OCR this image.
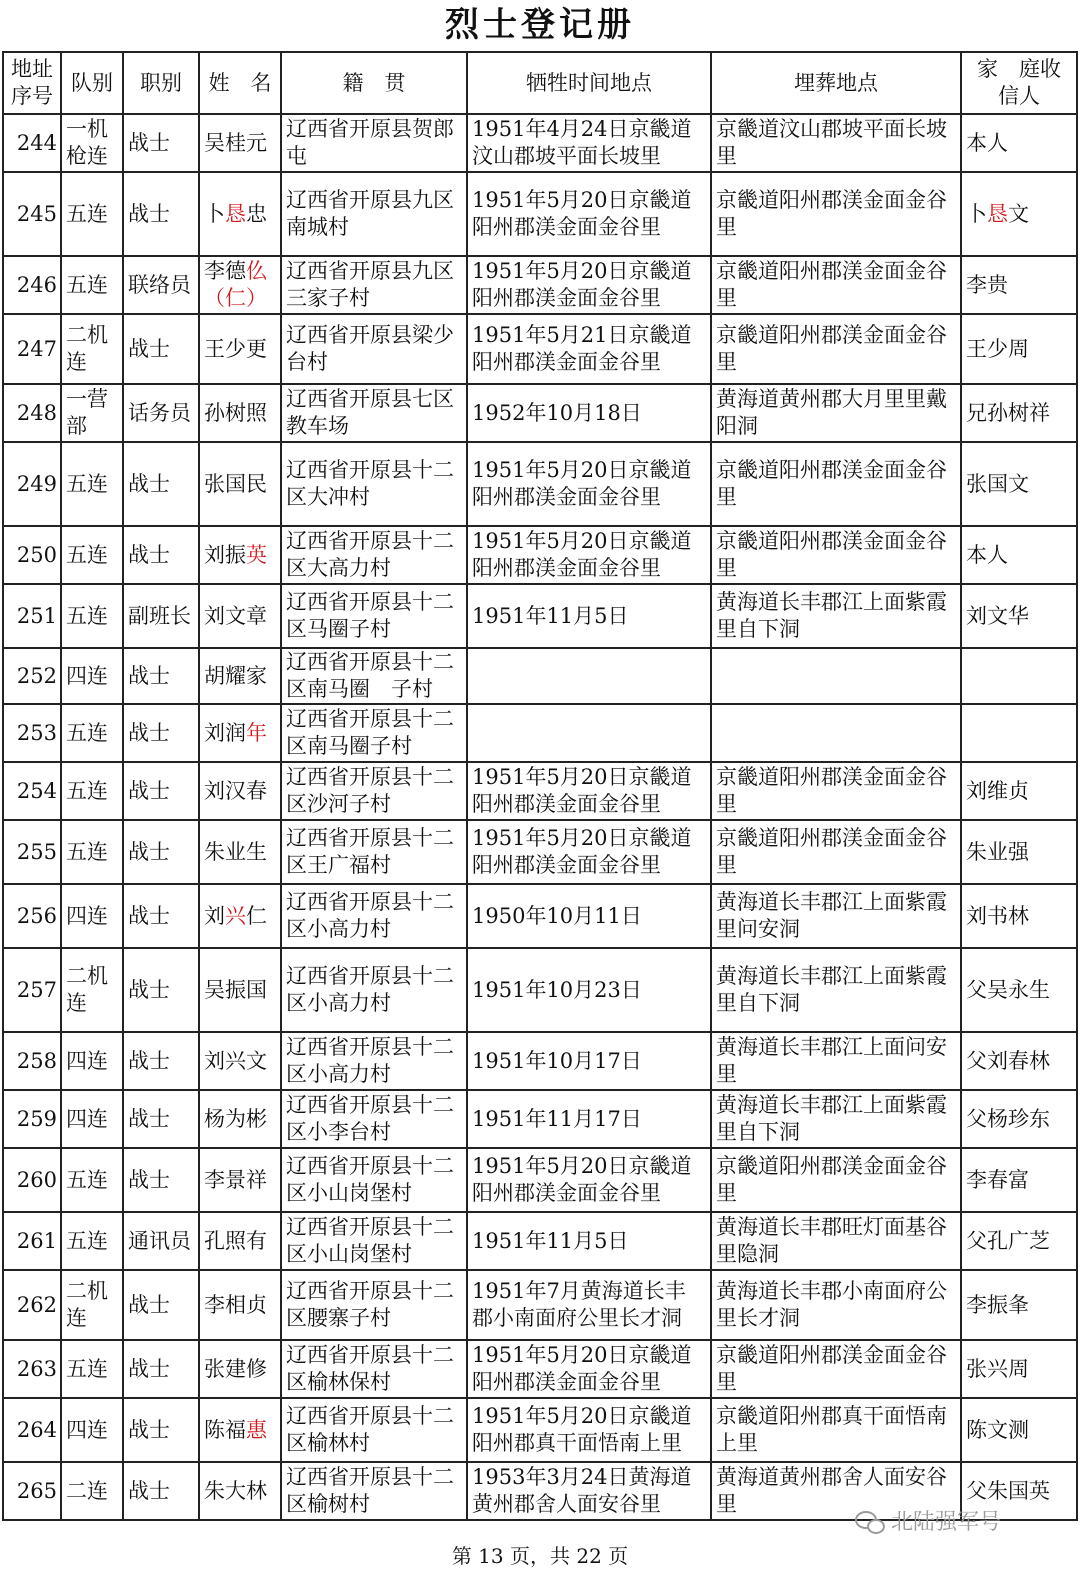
烈士登记册
地址序号	队别	职别	姓　名	籍　贯	牺牲时间地点	埋葬地点	家　庭收信人
244	一机枪连	战士	吴桂元	辽西省开原县贺郎屯	1951年4月24日京畿道汶山郡坡平面长坡里	京畿道汶山郡坡平面长坡里	本人
245	五连	战士	卜恳忠	辽西省开原县九区南城村	1951年5月20日京畿道阳州郡渼金面金谷里	京畿道阳州郡渼金面金谷里	卜恳文
246	五连	联络员	李德仫（仁）	辽西省开原县九区三家子村	1951年5月20日京畿道阳州郡渼金面金谷里	京畿道阳州郡渼金面金谷里	李贵
247	二机连	战士	王少更	辽西省开原县梁少台村	1951年5月21日京畿道阳州郡渼金面金谷里	京畿道阳州郡渼金面金谷里	王少周
248	一营部	话务员	孙树照	辽西省开原县七区教车场	1952年10月18日	黄海道黄州郡大月里里戴阳洞	兄孙树祥
249	五连	战士	张国民	辽西省开原县十二区大冲村	1951年5月20日京畿道阳州郡渼金面金谷里	京畿道阳州郡渼金面金谷里	张国文
250	五连	战士	刘振英	辽西省开原县十二区大高力村	1951年5月20日京畿道阳州郡渼金面金谷里	京畿道阳州郡渼金面金谷里	本人
251	五连	副班长	刘文章	辽西省开原县十二区马圈子村	1951年11月5日	黄海道长丰郡江上面紫霞里自下洞	刘文华
252	四连	战士	胡耀家	辽西省开原县十二区南马圈　子村			
253	五连	战士	刘润年	辽西省开原县十二区南马圈子村			
254	五连	战士	刘汉春	辽西省开原县十二区沙河子村	1951年5月20日京畿道阳州郡渼金面金谷里	京畿道阳州郡渼金面金谷里	刘维贞
255	五连	战士	朱业生	辽西省开原县十二区王广福村	1951年5月20日京畿道阳州郡渼金面金谷里	京畿道阳州郡渼金面金谷里	朱业强
256	四连	战士	刘兴仁	辽西省开原县十二区小高力村	1950年10月11日	黄海道长丰郡江上面紫霞里问安洞	刘书林
257	二机连	战士	吴振国	辽西省开原县十二区小高力村	1951年10月23日	黄海道长丰郡江上面紫霞里自下洞	父吴永生
258	四连	战士	刘兴文	辽西省开原县十二区小高力村	1951年10月17日	黄海道长丰郡江上面问安里	父刘春林
259	四连	战士	杨为彬	辽西省开原县十二区小李台村	1951年11月17日	黄海道长丰郡江上面紫霞里自下洞	父杨珍东
260	五连	战士	李景祥	辽西省开原县十二区小山岗堡村	1951年5月20日京畿道阳州郡渼金面金谷里	京畿道阳州郡渼金面金谷里	李春富
261	五连	通讯员	孔照有	辽西省开原县十二区小山岗堡村	1951年11月5日	黄海道长丰郡旺灯面基谷里隐洞	父孔广芝
262	二机连	战士	李相贞	辽西省开原县十二区腰寨子村	1951年7月黄海道长丰郡小南面府公里长才洞	黄海道长丰郡小南面府公里长才洞	李振夆
263	五连	战士	张建修	辽西省开原县十二区榆林保村	1951年5月20日京畿道阳州郡渼金面金谷里	京畿道阳州郡渼金面金谷里	张兴周
264	四连	战士	陈福惠	辽西省开原县十二区榆林村	1951年5月20日京畿道阳州郡真干面悟南上里	京畿道阳州郡真干面悟南上里	陈文测
265	二连	战士	朱大林	辽西省开原县十二区榆树村	1953年3月24日黄海道黄州郡舍人面安谷里	黄海道黄州郡舍人面安谷里	父朱国英
北陆强军号
第 13 页，共 22 页
